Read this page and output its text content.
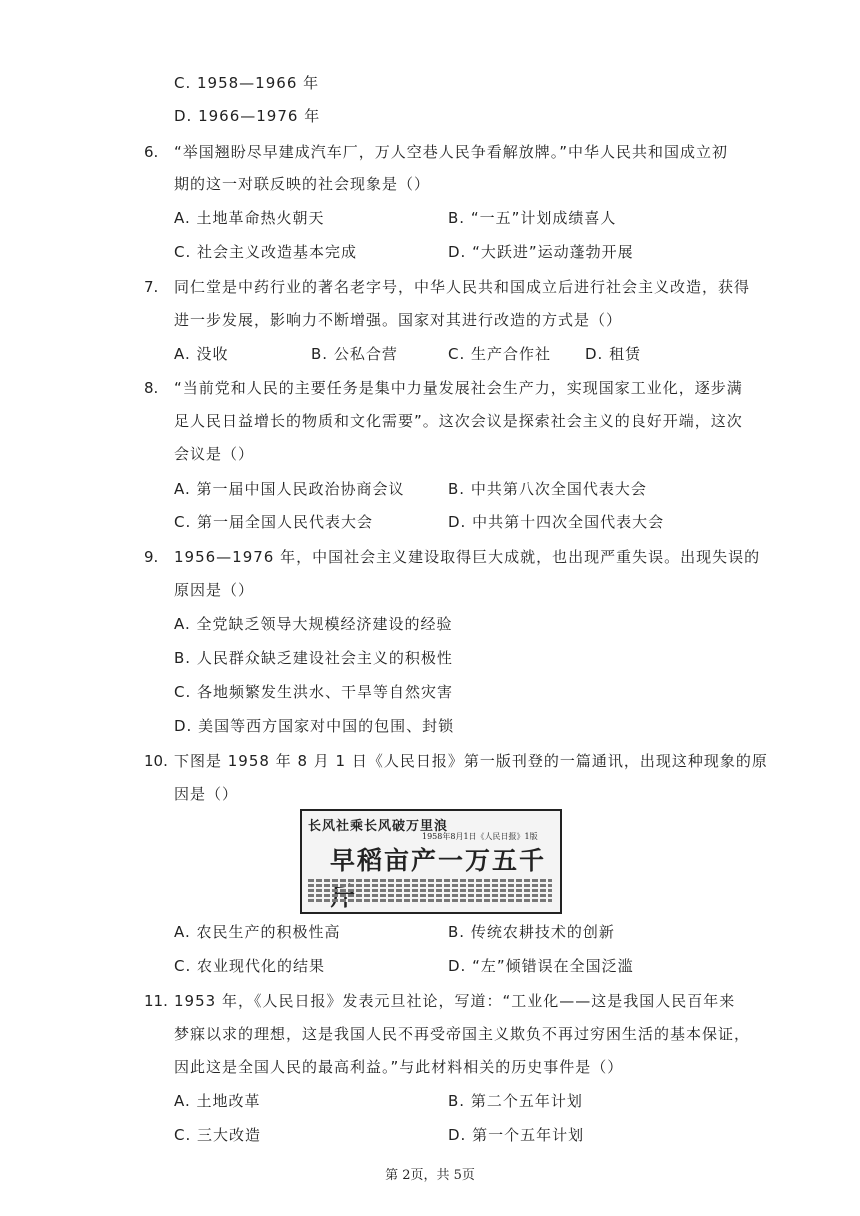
C. 1958—1966 年
D. 1966—1976 年
6. “举国翘盼尽早建成汽车厂，万人空巷人民争看解放牌。”中华人民共和国成立初
期的这一对联反映的社会现象是（）
A. 土地革命热火朝天	B. “一五”计划成绩喜人
C. 社会主义改造基本完成	D. “大跃进”运动蓬勃开展
7. 同仁堂是中药行业的著名老字号，中华人民共和国成立后进行社会主义改造，获得
进一步发展，影响力不断增强。国家对其进行改造的方式是（）
A. 没收	B. 公私合营	C. 生产合作社 D. 租赁
8. “当前党和人民的主要任务是集中力量发展社会生产力，实现国家工业化，逐步满
足人民日益增长的物质和文化需要”。这次会议是探索社会主义的良好开端，这次
会议是（）
A. 第一届中国人民政治协商会议	B. 中共第八次全国代表大会
C. 第一届全国人民代表大会	D. 中共第十四次全国代表大会
9. 1956—1976 年，中国社会主义建设取得巨大成就，也出现严重失误。出现失误的
原因是（）
A. 全党缺乏领导大规模经济建设的经验
B. 人民群众缺乏建设社会主义的积极性
C. 各地频繁发生洪水、干旱等自然灾害
D. 美国等西方国家对中国的包围、封锁
10. 下图是 1958 年 8 月 1 日《人民日报》第一版刊登的一篇通讯，出现这种现象的原
因是（）
长风社乘长风破万里浪
1958年8月1日《人民日报》1版
早稻亩产一万五千
A. 农民生产的积极性高	B. 传统农耕技术的创新
C. 农业现代化的结果	D. “左”倾错误在全国泛滥
11. 1953 年，《人民日报》发表元旦社论，写道：“工业化——这是我国人民百年来
梦寐以求的理想，这是我国人民不再受帝国主义欺负不再过穷困生活的基本保证，
因此这是全国人民的最高利益。”与此材料相关的历史事件是（）
A. 土地改革	B. 第二个五年计划
C. 三大改造	D. 第一个五年计划
第 2页，共 5页
